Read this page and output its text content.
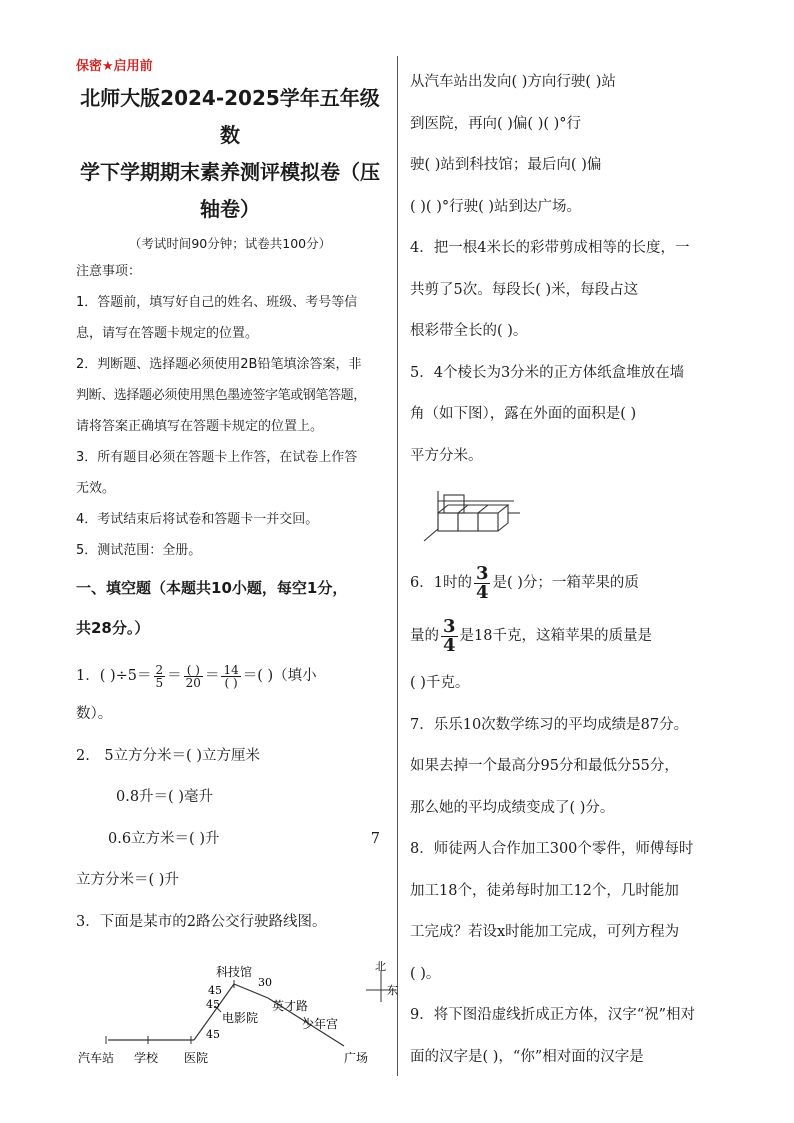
保密★启用前
北师大版2024-2025学年五年级数
学下学期期末素养测评模拟卷（压
轴卷）
（考试时间90分钟；试卷共100分）
注意事项：
1．答题前，填写好自己的姓名、班级、考号等信
息，请写在答题卡规定的位置。
2．判断题、选择题必须使用2B铅笔填涂答案，非
判断、选择题必须使用黑色墨迹签字笔或钢笔答题，
请将答案正确填写在答题卡规定的位置上。
3．所有题目必须在答题卡上作答，在试卷上作答
无效。
4．考试结束后将试卷和答题卡一并交回。
5．测试范围：全册。
一、填空题（本题共10小题，每空1分，
共28分。）
1．( )$\div 5= \frac{2}{5} = \frac{( )}{20} = \frac{14}{( )}$ ＝( )（填小
数）。
2.　5立方分米＝( )立方厘米
0.8升＝( )毫升
0.6立方米＝( )升	7
立方分米＝( )升
3．下面是某市的2路公交行驶路线图。
汽车站 学校 医院
科技馆
电影院
英才路
少年宫
广场
北
东
45
45
30
45
从汽车站出发向( )方向行驶( )站
到医院，再向( )偏( )( )°行
驶( )站到科技馆；最后向( )偏
( )( )°行驶( )站到达广场。
4．把一根4米长的彩带剪成相等的长度，一
共剪了5次。每段长( )米，每段占这
根彩带全长的( )。
5．4个棱长为3分米的正方体纸盒堆放在墙
角（如下图），露在外面的面积是( )
平方分米。
6．1时的 $\frac{3}{4}$ 是( )分；一箱苹果的质
量的 $\frac{3}{4}$ 是18千克，这箱苹果的质量是
( )千克。
7．乐乐10次数学练习的平均成绩是87分。
如果去掉一个最高分95分和最低分55分，
那么她的平均成绩变成了( )分。
8．师徒两人合作加工300个零件，师傅每时
加工18个，徒弟每时加工12个，几时能加
工完成？若设x时能加工完成，可列方程为
( )。
9．将下图沿虚线折成正方体，汉字“祝”相对
面的汉字是( )，“你”相对面的汉字是
